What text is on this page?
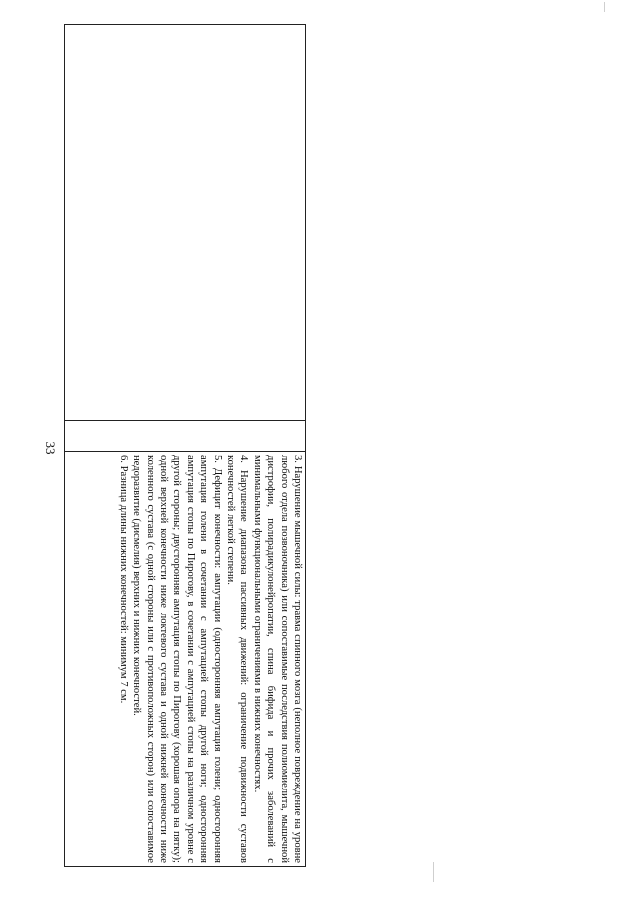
33

3. Нарушение мышечной силы: травма спинного мозга (неполное повреждение на уровне любого отдела позвоночника) или сопоставимые последствия полиомиелита, мышечной дистрофии, полирадикулонейропатии, спина бифида и прочих заболеваний с минимальными функциональными ограничениями в нижних конечностях.

4. Нарушение диапазона пассивных движений: ограничение подвижности суставов конечностей легкой степени.

5. Дефицит конечности: ампутации (односторонняя ампутация голени; односторонняя ампутация голени в сочетании с ампутацией стопы другой ноги; односторонняя ампутация стопы по Пирогову, в сочетании с ампутацией стопы на различном уровне с другой стороны; двусторонняя ампутация стопы по Пирогову (хорошая опора на пятку); одной верхней конечности ниже локтевого сустава и одной нижней конечности ниже коленного сустава (с одной стороны или с противоположных сторон) или сопоставимое недоразвитие (дисмелия) верхних и нижних конечностей.

6. Разница длины нижних конечностей: минимум 7 см.
